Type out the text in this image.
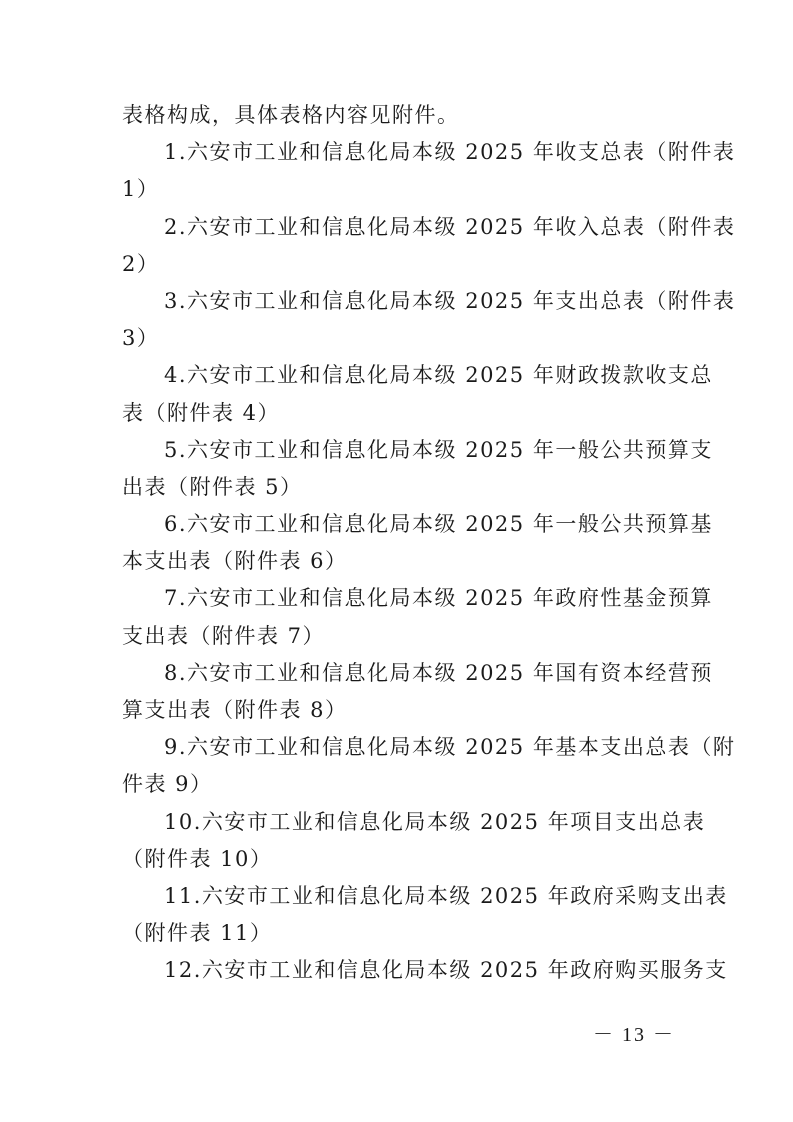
表格构成，具体表格内容见附件。
1.六安市工业和信息化局本级 2025 年收支总表（附件表
1）
2.六安市工业和信息化局本级 2025 年收入总表（附件表
2）
3.六安市工业和信息化局本级 2025 年支出总表（附件表
3）
4.六安市工业和信息化局本级 2025 年财政拨款收支总
表（附件表 4）
5.六安市工业和信息化局本级 2025 年一般公共预算支
出表（附件表 5）
6.六安市工业和信息化局本级 2025 年一般公共预算基
本支出表（附件表 6）
7.六安市工业和信息化局本级 2025 年政府性基金预算
支出表（附件表 7）
8.六安市工业和信息化局本级 2025 年国有资本经营预
算支出表（附件表 8）
9.六安市工业和信息化局本级 2025 年基本支出总表（附
件表 9）
10.六安市工业和信息化局本级 2025 年项目支出总表
（附件表 10）
11.六安市工业和信息化局本级 2025 年政府采购支出表
（附件表 11）
12.六安市工业和信息化局本级 2025 年政府购买服务支
－ 13 －
